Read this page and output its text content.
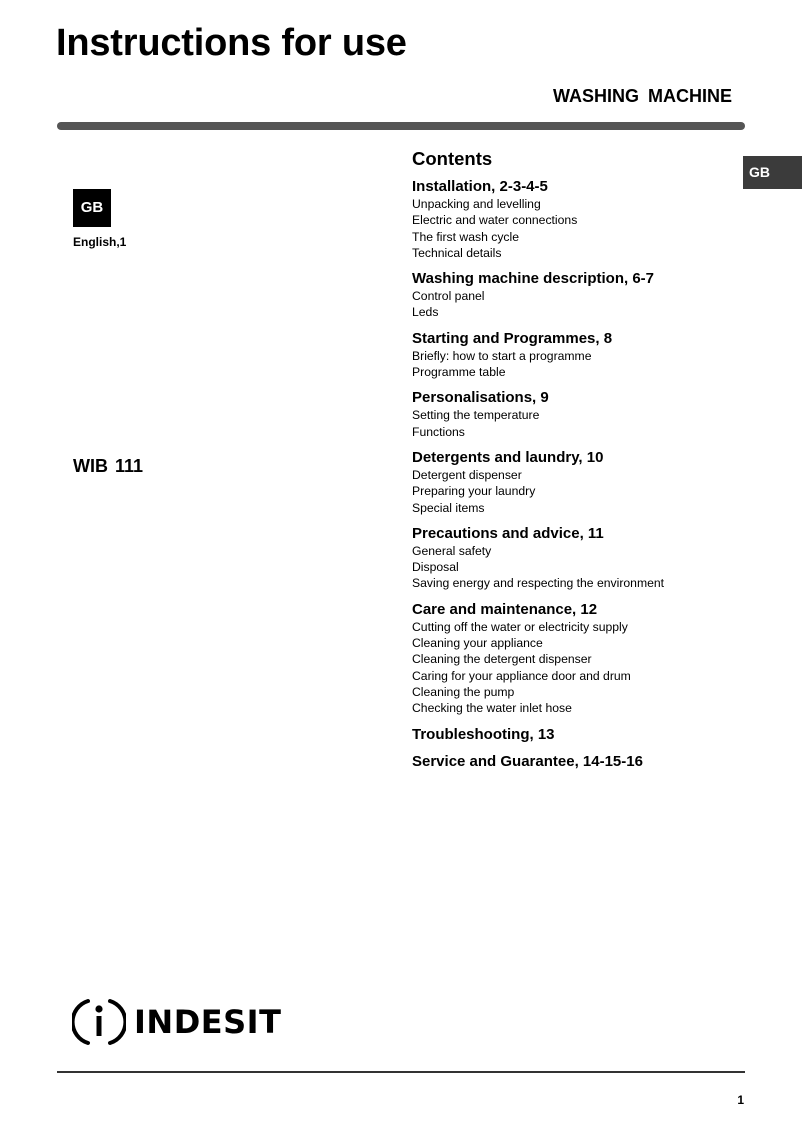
Instructions for use
WASHING MACHINE
GB
GB
English,1
WIB 111
Contents
Installation, 2-3-4-5
Unpacking and levelling
Electric and water connections
The first wash cycle
Technical details
Washing machine description, 6-7
Control panel
Leds
Starting and Programmes, 8
Briefly: how to start a programme
Programme table
Personalisations, 9
Setting the temperature
Functions
Detergents and laundry, 10
Detergent dispenser
Preparing your laundry
Special items
Precautions and advice, 11
General safety
Disposal
Saving energy and respecting the environment
Care and maintenance, 12
Cutting off the water or electricity supply
Cleaning your appliance
Cleaning the detergent dispenser
Caring for your appliance door and drum
Cleaning the pump
Checking the water inlet hose
Troubleshooting, 13
Service and Guarantee, 14-15-16
INDESIT
1
